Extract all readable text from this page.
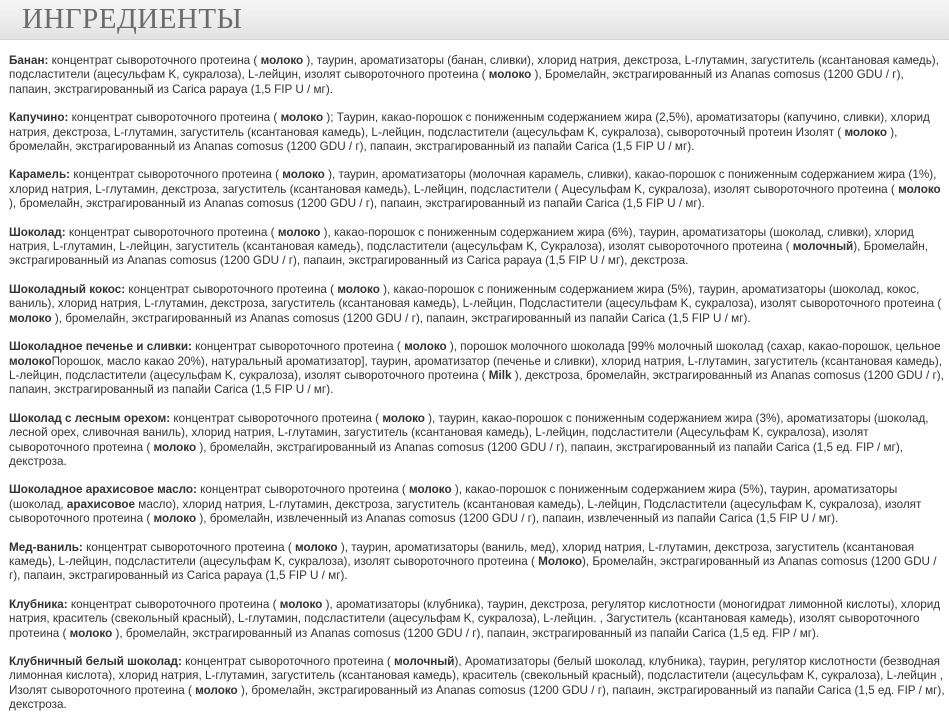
ИНГРЕДИЕНТЫ

Банан: концентрат сывороточного протеина ( молоко ), таурин, ароматизаторы (банан, сливки), хлорид натрия, декстроза, L-глутамин, загуститель (ксантановая камедь), подсластители (ацесульфам K, сукралоза), L-лейцин, изолят сывороточного протеина ( молоко ), Бромелайн, экстрагированный из Ananas comosus (1200 GDU / г), папаин, экстрагированный из Carica papaya (1,5 FIP U / мг).

Капучино: концентрат сывороточного протеина ( молоко ); Таурин, какао-порошок с пониженным содержанием жира (2,5%), ароматизаторы (капучино, сливки), хлорид натрия, декстроза, L-глутамин, загуститель (ксантановая камедь), L-лейцин, подсластители (ацесульфам K, сукралоза), сывороточный протеин Изолят ( молоко ), бромелайн, экстрагированный из Ananas comosus (1200 GDU / г), папаин, экстрагированный из папайи Carica (1,5 FIP U / мг).

Карамель: концентрат сывороточного протеина ( молоко ), таурин, ароматизаторы (молочная карамель, сливки), какао-порошок с пониженным содержанием жира (1%), хлорид натрия, L-глутамин, декстроза, загуститель (ксантановая камедь), L-лейцин, подсластители ( Ацесульфам K, сукралоза), изолят сывороточного протеина ( молоко ), бромелайн, экстрагированный из Ananas comosus (1200 GDU / г), папаин, экстрагированный из папайи Carica (1,5 FIP U / мг).

Шоколад: концентрат сывороточного протеина ( молоко ), какао-порошок с пониженным содержанием жира (6%), таурин, ароматизаторы (шоколад, сливки), хлорид натрия, L-глутамин, L-лейцин, загуститель (ксантановая камедь), подсластители (ацесульфам K, Сукралоза), изолят сывороточного протеина ( молочный), Бромелайн, экстрагированный из Ananas comosus (1200 GDU / г), папаин, экстрагированный из Carica papaya (1,5 FIP U / мг), декстроза.

Шоколадный кокос: концентрат сывороточного протеина ( молоко ), какао-порошок с пониженным содержанием жира (5%), таурин, ароматизаторы (шоколад, кокос, ваниль), хлорид натрия, L-глутамин, декстроза, загуститель (ксантановая камедь), L-лейцин, Подсластители (ацесульфам K, сукралоза), изолят сывороточного протеина ( молоко ), бромелайн, экстрагированный из Ananas comosus (1200 GDU / г), папаин, экстрагированный из папайи Carica (1,5 FIP U / мг).

Шоколадное печенье и сливки: концентрат сывороточного протеина ( молоко ), порошок молочного шоколада [99% молочный шоколад (сахар, какао-порошок, цельное молокоПорошок, масло какао 20%), натуральный ароматизатор], таурин, ароматизатор (печенье и сливки), хлорид натрия, L-глутамин, загуститель (ксантановая камедь), L-лейцин, подсластители (ацесульфам K, сукралоза), изолят сывороточного протеина ( Milk ), декстроза, бромелайн, экстрагированный из Ananas comosus (1200 GDU / г), папаин, экстрагированный из папайи Carica (1,5 FIP U / мг).

Шоколад с лесным орехом: концентрат сывороточного протеина ( молоко ), таурин, какао-порошок с пониженным содержанием жира (3%), ароматизаторы (шоколад, лесной орех, сливочная ваниль), хлорид натрия, L-глутамин, загуститель (ксантановая камедь), L-лейцин, подсластители (Ацесульфам K, сукралоза), изолят сывороточного протеина ( молоко ), бромелайн, экстрагированный из Ananas comosus (1200 GDU / г), папаин, экстрагированный из папайи Carica (1,5 ед. FIP / мг), декстроза.

Шоколадное арахисовое масло: концентрат сывороточного протеина ( молоко ), какао-порошок с пониженным содержанием жира (5%), таурин, ароматизаторы (шоколад, арахисовое масло), хлорид натрия, L-глутамин, декстроза, загуститель (ксантановая камедь), L-лейцин, Подсластители (ацесульфам K, сукралоза), изолят сывороточного протеина ( молоко ), бромелайн, извлеченный из Ananas comosus (1200 GDU / г), папаин, извлеченный из папайи Carica (1,5 FIP U / мг).

Мед-ваниль: концентрат сывороточного протеина ( молоко ), таурин, ароматизаторы (ваниль, мед), хлорид натрия, L-глутамин, декстроза, загуститель (ксантановая камедь), L-лейцин, подсластители (ацесульфам K, сукралоза), изолят сывороточного протеина ( Молоко), Бромелайн, экстрагированный из Ananas comosus (1200 GDU / г), папаин, экстрагированный из Carica papaya (1,5 FIP U / мг).

Клубника: концентрат сывороточного протеина ( молоко ), ароматизаторы (клубника), таурин, декстроза, регулятор кислотности (моногидрат лимонной кислоты), хлорид натрия, краситель (свекольный красный), L-глутамин, подсластители (ацесульфам K, сукралоза), L-лейцин. , Загуститель (ксантановая камедь), изолят сывороточного протеина ( молоко ), бромелайн, экстрагированный из Ananas comosus (1200 GDU / г), папаин, экстрагированный из папайи Carica (1,5 ед. FIP / мг).

Клубничный белый шоколад: концентрат сывороточного протеина ( молочный), Ароматизаторы (белый шоколад, клубника), таурин, регулятор кислотности (безводная лимонная кислота), хлорид натрия, L-глутамин, загуститель (ксантановая камедь), краситель (свекольный красный), подсластители (ацесульфам K, сукралоза), L-лейцин , Изолят сывороточного протеина ( молоко ), бромелайн, экстрагированный из Ananas comosus (1200 GDU / г), папаин, экстрагированный из папайи Carica (1,5 ед. FIP / мг), декстроза.
